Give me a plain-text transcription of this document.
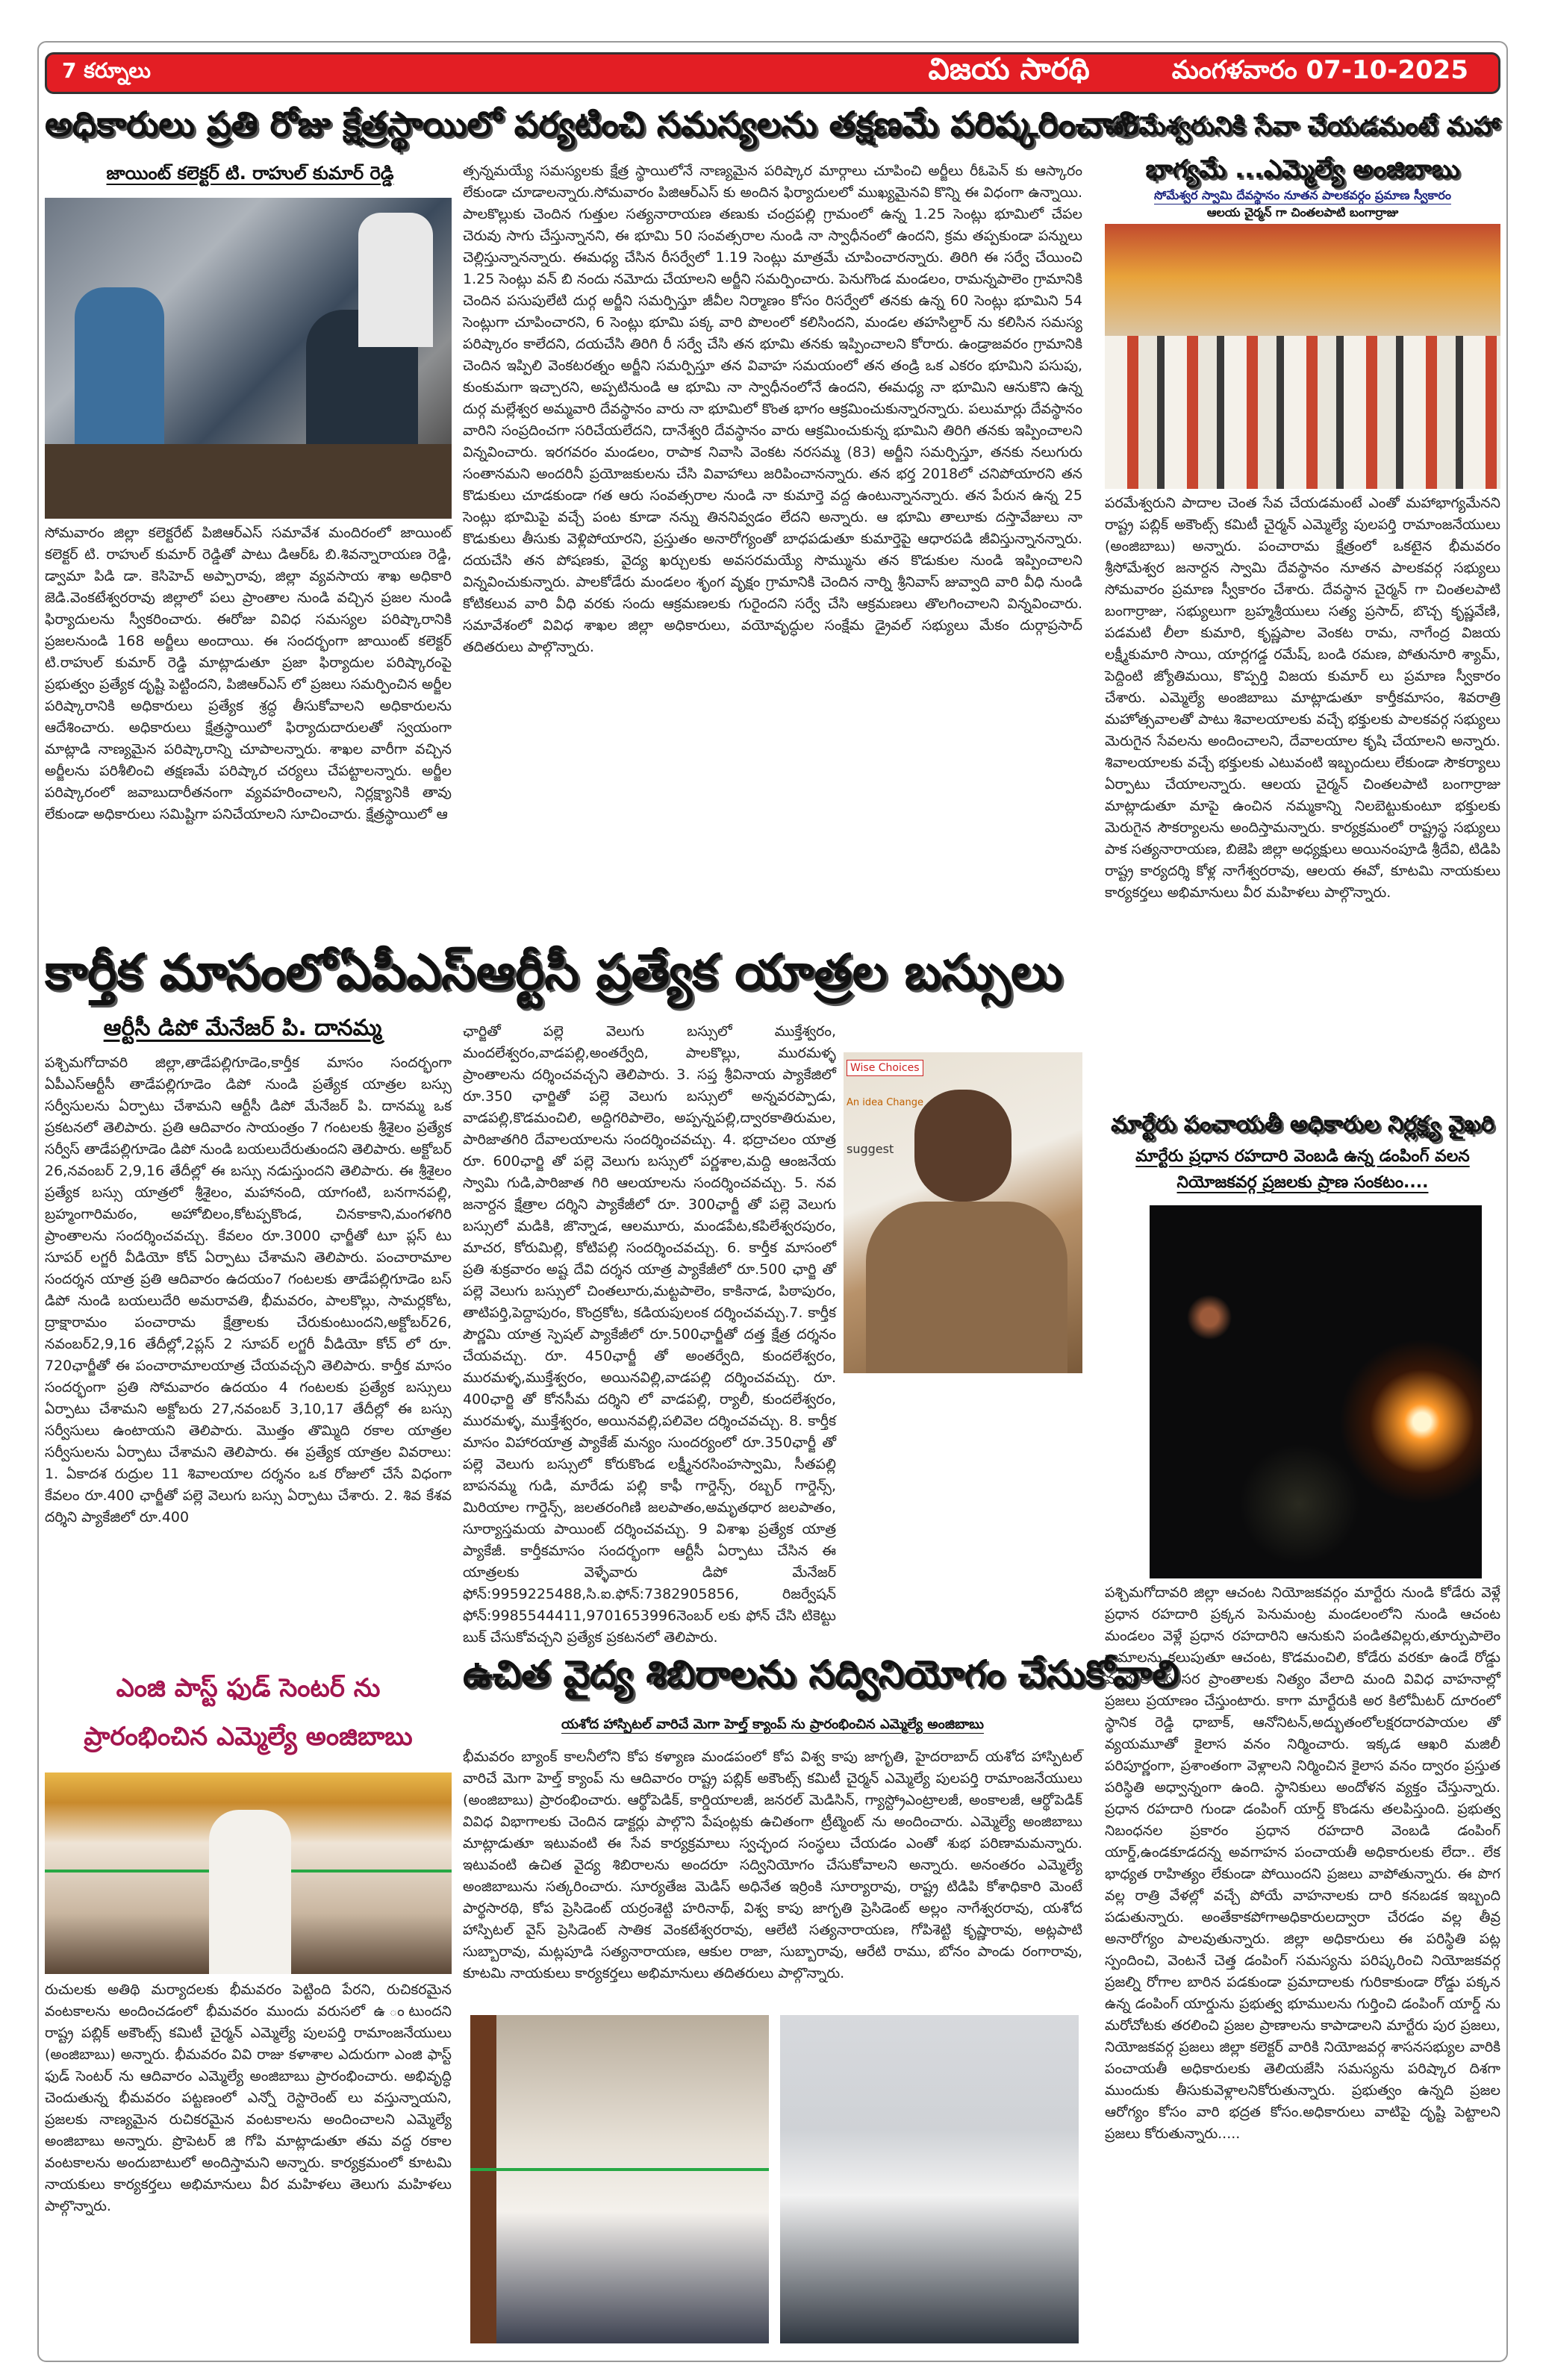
7 కర్నూలు	విజయ సారథి	మంగళవారం 07-10-2025
అధికారులు ప్రతి రోజు క్షేత్రస్థాయిలో పర్యటించి సమస్యలను తక్షణమే పరిష్కరించాలి
జాయింట్ కలెక్టర్ టి. రాహుల్ కుమార్ రెడ్డి
సోమవారం జిల్లా కలెక్టరేట్ పిజిఆర్ఎస్ సమావేశ మందిరంలో జాయింట్ కలెక్టర్ టి. రాహుల్ కుమార్ రెడ్డితో పాటు డిఆర్ఓ బి.శివన్నారాయణ రెడ్డి, డ్వామా పిడి డా. కెసిహెచ్ అప్పారావు, జిల్లా వ్యవసాయ శాఖ అధికారి జెడి.వెంకటేశ్వరరావు జిల్లాలో పలు ప్రాంతాల నుండి వచ్చిన ప్రజల నుండి ఫిర్యాదులను స్వీకరించారు. ఈరోజు వివిధ సమస్యల పరిష్కారానికి ప్రజలనుండి 168 అర్జీలు అందాయి. ఈ సందర్భంగా జాయింట్ కలెక్టర్ టి.రాహుల్ కుమార్ రెడ్డి మాట్లాడుతూ ప్రజా ఫిర్యాదుల పరిష్కారంపై ప్రభుత్వం ప్రత్యేక దృష్టి పెట్టిందని, పిజిఆర్ఎస్ లో ప్రజలు సమర్పించిన అర్జీల పరిష్కారానికి అధికారులు ప్రత్యేక శ్రద్ధ తీసుకోవాలని అధికారులను ఆదేశించారు. అధికారులు క్షేత్రస్థాయిలో ఫిర్యాదుదారులతో స్వయంగా మాట్లాడి నాణ్యమైన పరిష్కారాన్ని చూపాలన్నారు. శాఖల వారీగా వచ్చిన అర్జీలను పరిశీలించి తక్షణమే పరిష్కార చర్యలు చేపట్టాలన్నారు. అర్జీల పరిష్కారంలో జవాబుదారీతనంగా వ్యవహరించాలని, నిర్లక్ష్యానికి తావు లేకుండా అధికారులు సమిష్టిగా పనిచేయాలని సూచించారు. క్షేత్రస్థాయిలో ఆ
త్సన్నమయ్యే సమస్యలకు క్షేత్ర స్థాయిలోనే నాణ్యమైన పరిష్కార మార్గాలు చూపించి అర్జీలు రీఓపెన్ కు ఆస్కారం లేకుండా చూడాలన్నారు.సోమవారం పిజిఆర్ఎస్ కు అందిన ఫిర్యాదులలో ముఖ్యమైనవి కొన్ని ఈ విధంగా ఉన్నాయి. పాలకొల్లుకు చెందిన గుత్తుల సత్యనారాయణ తణుకు చంద్రపల్లి గ్రామంలో ఉన్న 1.25 సెంట్లు భూమిలో చేపల చెరువు సాగు చేస్తున్నానని, ఈ భూమి 50 సంవత్సరాల నుండి నా స్వాధీనంలో ఉందని, క్రమ తప్పకుండా పన్నులు చెల్లిస్తున్నానన్నారు. ఈమధ్య చేసిన రీసర్వేలో 1.19 సెంట్లు మాత్రమే చూపించారన్నారు. తిరిగి ఈ సర్వే చేయించి 1.25 సెంట్లు వన్ బి నందు నమోదు చేయాలని అర్జీని సమర్పించారు. పెనుగొండ మండలం, రామన్నపాలెం గ్రామానికి చెందిన పసుపులేటి దుర్గ అర్జీని సమర్పిస్తూ జీవీల నిర్మాణం కోసం రిసర్వేలో తనకు ఉన్న 60 సెంట్లు భూమిని 54 సెంట్లుగా చూపించారని, 6 సెంట్లు భూమి పక్క వారి పొలంలో కలిసిందని, మండల తహసిల్దార్ ను కలిసిన సమస్య పరిష్కారం కాలేదని, దయచేసి తిరిగి రీ సర్వే చేసి తన భూమి తనకు ఇప్పించాలని కోరారు. ఉండ్రాజవరం గ్రామానికి చెందిన ఇప్పిలి వెంకటరత్నం అర్జీని సమర్పిస్తూ తన వివాహ సమయంలో తన తండ్రి ఒక ఎకరం భూమిని పసుపు, కుంకుమగా ఇచ్చారని, అప్పటినుండి ఆ భూమి నా స్వాధీనంలోనే ఉందని, ఈమధ్య నా భూమిని ఆనుకొని ఉన్న దుర్గ మల్లేశ్వర అమ్మవారి దేవస్థానం వారు నా భూమిలో కొంత భాగం ఆక్రమించుకున్నారన్నారు. పలుమార్లు దేవస్థానం వారిని సంప్రదించగా సరిచేయలేదని, దానేశ్వరి దేవస్థానం వారు ఆక్రమించుకున్న భూమిని తిరిగి తనకు ఇప్పించాలని విన్నవించారు. ఇరగవరం మండలం, రాపాక నివాసి వెంకట నరసమ్మ (83) అర్జీని సమర్పిస్తూ, తనకు నలుగురు సంతానమని అందరినీ ప్రయోజకులను చేసి వివాహాలు జరిపించానన్నారు. తన భర్త 2018లో చనిపోయారని తన కొడుకులు చూడకుండా గత ఆరు సంవత్సరాల నుండి నా కుమార్తె వద్ద ఉంటున్నానన్నారు. తన పేరున ఉన్న 25 సెంట్లు భూమిపై వచ్చే పంట కూడా నన్ను తిననివ్వడం లేదని అన్నారు. ఆ భూమి తాలూకు దస్తావేజులు నా కొడుకులు తీసుకు వెళ్లిపోయారని, ప్రస్తుతం అనారోగ్యంతో బాధపడుతూ కుమార్తెపై ఆధారపడి జీవిస్తున్నానన్నారు. దయచేసి తన పోషణకు, వైద్య ఖర్చులకు అవసరమయ్యే సొమ్మును తన కొడుకుల నుండి ఇప్పించాలని విన్నవించుకున్నారు. పాలకోడేరు మండలం శృంగ వృక్షం గ్రామానికి చెందిన నార్ని శ్రీనివాస్ జువ్వాది వారి వీధి నుండి కోటికలువ వారి వీధి వరకు సందు ఆక్రమణలకు గురైందని సర్వే చేసి ఆక్రమణలు తొలగించాలని విన్నవించారు. సమావేశంలో వివిధ శాఖల జిల్లా అధికారులు, వయోవృద్ధుల సంక్షేమ డ్రైవల్ సభ్యులు మేకం దుర్గాప్రసాద్ తదితరులు పాల్గొన్నారు.
పరమేశ్వరునికి సేవా చేయడమంటే మహా భాగ్యమే ...ఎమ్మెల్యే అంజిబాబు
సోమేశ్వర స్వామి దేవస్థానం నూతన పాలకవర్గం ప్రమాణ స్వీకారం
ఆలయ చైర్మన్ గా చింతలపాటి బంగార్రాజు
పరమేశ్వరుని పాదాల చెంత సేవ చేయడమంటే ఎంతో మహాభాగ్యమేనని రాష్ట్ర పబ్లిక్ అకౌంట్స్ కమిటీ చైర్మన్ ఎమ్మెల్యే పులపర్తి రామాంజనేయులు (అంజిబాబు) అన్నారు. పంచారామ క్షేత్రంలో ఒకటైన భీమవరం శ్రీసోమేశ్వర జనార్దన స్వామి దేవస్థానం నూతన పాలకవర్గ సభ్యులు సోమవారం ప్రమాణ స్వీకారం చేశారు. దేవస్థాన చైర్మన్ గా చింతలపాటి బంగార్రాజు, సభ్యులుగా బ్రహ్మశ్రీయులు సత్య ప్రసాద్, బొచ్చ కృష్ణవేణి, పడమటి లీలా కుమారి, కృష్ణపాల వెంకట రామ, నాగేంద్ర విజయ లక్ష్మీకుమారి సాయి, యార్లగడ్డ రమేష్, బండి రమణ, పోతునూరి శ్యామ్, పెద్దింటి జ్యోతిమయి, కొప్పర్తి విజయ కుమార్ లు ప్రమాణ స్వీకారం చేశారు. ఎమ్మెల్యే అంజిబాబు మాట్లాడుతూ కార్తీకమాసం, శివరాత్రి మహోత్సవాలతో పాటు శివాలయాలకు వచ్చే భక్తులకు పాలకవర్గ సభ్యులు మెరుగైన సేవలను అందించాలని, దేవాలయాల కృషి చేయాలని అన్నారు. శివాలయాలకు వచ్చే భక్తులకు ఎటువంటి ఇబ్బందులు లేకుండా సౌకర్యాలు ఏర్పాటు చేయాలన్నారు. ఆలయ చైర్మన్ చింతలపాటి బంగార్రాజు మాట్లాడుతూ మాపై ఉంచిన నమ్మకాన్ని నిలబెట్టుకుంటూ భక్తులకు మెరుగైన సౌకర్యాలను అందిస్తామన్నారు. కార్యక్రమంలో రాష్ట్రస్థ సభ్యులు పాక సత్యనారాయణ, బిజెపి జిల్లా అధ్యక్షులు అయినంపూడి శ్రీదేవి, టిడిపి రాష్ట్ర కార్యదర్శి కోళ్ల నాగేశ్వరరావు, ఆలయ ఈవో, కూటమి నాయకులు కార్యకర్తలు అభిమానులు వీర మహిళలు పాల్గొన్నారు.
కార్తీక మాసంలోఏపీఎస్ఆర్టీసీ ప్రత్యేక యాత్రల బస్సులు
ఆర్టీసీ డిపో మేనేజర్ పి. దానమ్మ
పశ్చిమగోదావరి జిల్లా,తాడేపల్లిగూడెం,కార్తీక మాసం సందర్భంగా ఏపీఎస్ఆర్టీసీ తాడేపల్లిగూడెం డిపో నుండి ప్రత్యేక యాత్రల బస్సు సర్వీసులను ఏర్పాటు చేశామని ఆర్టీసీ డిపో మేనేజర్ పి. దానమ్మ ఒక ప్రకటనలో తెలిపారు. ప్రతి ఆదివారం సాయంత్రం 7 గంటలకు శ్రీశైలం ప్రత్యేక సర్వీస్ తాడేపల్లిగూడెం డిపో నుండి బయలుదేరుతుందని తెలిపారు. అక్టోబర్ 26,నవంబర్ 2,9,16 తేదీల్లో ఈ బస్సు నడుస్తుందని తెలిపారు. ఈ శ్రీశైలం ప్రత్యేక బస్సు యాత్రలో శ్రీశైలం, మహానంది, యాగంటి, బనగానపల్లి, బ్రహ్మంగారిమఠం, అహోబిలం,కోటప్పకొండ, చినకాకాని,మంగళగిరి ప్రాంతాలను సందర్శించవచ్చు. కేవలం రూ.3000 ఛార్జీతో టూ ప్లస్ టు సూపర్ లగ్జరీ వీడియో కోచ్ ఏర్పాటు చేశామని తెలిపారు. పంచారామాల సందర్శన యాత్ర ప్రతి ఆదివారం ఉదయం7 గంటలకు తాడేపల్లిగూడెం బస్ డిపో నుండి బయలుదేరి అమరావతి, భీమవరం, పాలకొల్లు, సామర్లకోట, ద్రాక్షారామం పంచారామ క్షేత్రాలకు చేరుకుంటుందని,అక్టోబర్26, నవంబర్2,9,16 తేదీల్లో,2ప్లస్ 2 సూపర్ లగ్జరీ వీడియో కోచ్ లో రూ. 720ఛార్జీతో ఈ పంచారామాలయాత్ర చేయవచ్చని తెలిపారు. కార్తీక మాసం సందర్భంగా ప్రతి సోమవారం ఉదయం 4 గంటలకు ప్రత్యేక బస్సులు ఏర్పాటు చేశామని అక్టోబరు 27,నవంబర్ 3,10,17 తేదీల్లో ఈ బస్సు సర్వీసులు ఉంటాయని తెలిపారు. మొత్తం తొమ్మిది రకాల యాత్రల సర్వీసులను ఏర్పాటు చేశామని తెలిపారు. ఈ ప్రత్యేక యాత్రల వివరాలు: 1. ఏకాదశ రుద్రుల 11 శివాలయాల దర్శనం ఒక రోజులో చేసే విధంగా కేవలం రూ.400 ఛార్జీతో పల్లె వెలుగు బస్సు ఏర్పాటు చేశారు. 2. శివ కేశవ దర్శిని ప్యాకేజిలో రూ.400
Wise Choices
An idea Change
suggest
ఛార్జితో పల్లె వెలుగు బస్సులో ముక్తేశ్వరం, మందలేశ్వరం,వాడపల్లి,అంతర్వేది, పాలకొల్లు, మురమళ్ళ ప్రాంతాలను దర్శించవచ్చని తెలిపారు. 3. సప్త శ్రీవినాయ ప్యాకేజిలో రూ.350 ఛార్జితో పల్లె వెలుగు బస్సులో అన్నవరప్పాడు, వాడపల్లి,కొడమంచిలి, అద్దిగరిపాలెం, అప్పన్నపల్లి,ద్వారకాతిరుమల, పారిజాతగిరి దేవాలయాలను సందర్శించవచ్చు. 4. భద్రాచలం యాత్ర రూ. 600ఛార్జి తో పల్లె వెలుగు బస్సులో పర్ణశాల,మద్ది ఆంజనేయ స్వామి గుడి,పారిజాత గిరి ఆలయాలను సందర్శించవచ్చు. 5. నవ జనార్దన క్షేత్రాల దర్శిని ప్యాకేజీలో రూ. 300ఛార్జీ తో పల్లె వెలుగు బస్సులో మడికి, జొన్నాడ, ఆలమూరు, మండపేట,కపిలేశ్వరపురం, మాచర, కోరుమిల్లి, కోటిపల్లి సందర్శించవచ్చు. 6. కార్తీక మాసంలో ప్రతి శుక్రవారం అష్ట దేవి దర్శన యాత్ర ప్యాకేజీలో రూ.500 ఛార్జి తో పల్లె వెలుగు బస్సులో చింతలూరు,మట్టపాలెం, కాకినాడ, పిఠాపురం, తాటిపర్తి,పెద్దాపురం, కొంద్రకోట, కడియపులంక దర్శించవచ్చు.7. కార్తీక పౌర్ణమి యాత్ర స్పెషల్ ప్యాకేజీలో రూ.500ఛార్జీతో దత్త క్షేత్ర దర్శనం చేయవచ్చు. రూ. 450ఛార్జీ తో అంతర్వేది, కుందలేశ్వరం, మురమళ్ళ,ముక్తేశ్వరం, అయినవిల్లి,వాడపల్లి దర్శించవచ్చు. రూ. 400ఛార్జి తో కోనసీమ దర్శిని లో వాడపల్లి, ర్యాలీ, కుందలేశ్వరం, మురమళ్ళ, ముక్తేశ్వరం, అయినవల్లి,పలివెల దర్శించవచ్చు. 8. కార్తీక మాసం విహారయాత్ర ప్యాకేజ్ మన్యం సుందర్యంలో రూ.350ఛార్జీ తో పల్లె వెలుగు బస్సులో కోరుకొండ లక్ష్మీనరసింహస్వామి, సీతపల్లి బాపనమ్మ గుడి, మారేడు పల్లి కాఫీ గార్డెన్స్, రబ్బర్ గార్డెన్స్, మిరియాల గార్డెన్స్, జలతరంగిణి జలపాతం,అమృతధార జలపాతం, సూర్యాస్తమయ పాయింట్ దర్శించవచ్చు. 9 విశాఖ ప్రత్యేక యాత్ర ప్యాకేజీ. కార్తీకమాసం సందర్భంగా ఆర్టీసీ ఏర్పాటు చేసిన ఈ యాత్రలకు వెళ్ళేవారు డిపో మేనేజర్ ఫోన్:9959225488,సి.ఐ.ఫోన్:7382905856, రిజర్వేషన్ ఫోన్:9985544411,9701653996నెంబర్ లకు ఫోన్ చేసి టికెట్టు బుక్ చేసుకోవచ్చని ప్రత్యేక ప్రకటనలో తెలిపారు.
మార్టేరు పంచాయతీ అధికారుల నిర్లక్ష్య వైఖరి
మార్టేరు ప్రధాన రహదారి వెంబడి ఉన్న డంపింగ్ వలన
నియోజకవర్గ ప్రజలకు ప్రాణ సంకటం....
పశ్చిమగోదావరి జిల్లా ఆచంట నియోజకవర్గం మార్టేరు నుండి కోడేరు వెళ్లే ప్రధాన రహదారి ప్రక్కన పెనుమంట్ర మండలంలోని నుండి ఆచంట మండలం వెళ్లే ప్రధాన రహదారిని ఆనుకుని పండితవిల్లరు,తూర్పుపాలెం గ్రామాలను కలుపుతూ ఆచంట, కొడమంచిలి, కోడేరు వరకూ ఉండే రోడ్డు మార్గంలో సరిసర ప్రాంతాలకు నిత్యం వేలాది మంది వివిధ వాహనాల్లో ప్రజలు ప్రయాణం చేస్తుంటారు. కాగా మార్టేరుకి అర కిలోమీటర్ దూరంలో స్థానిక రెడ్డి ధాబాక్, ఆనోనిటన్,అద్భుతంలోలక్షరదారపాయల తో వ్యయమూతో కైలాస వనం నిర్మించారు. ఇక్కడ ఆఖరి మజిలీ పరిపూర్ణంగా, ప్రశాంతంగా వెళ్లాలని నిర్మించిన కైలాస వనం ద్వారం ప్రస్తుత పరిస్థితి అధ్వాన్నంగా ఉంది. స్థానికులు అందోళన వ్యక్తం చేస్తున్నారు. ప్రధాన రహదారి గుండా డంపింగ్ యార్డ్ కొండను తలపిస్తుంది. ప్రభుత్వ నిబంధనల ప్రకారం ప్రధాన రహదారి వెంబడి డంపింగ్ యార్డ్,ఉండకూడదన్న అవగాహన పంచాయతీ అధికారులకు లేదా.. లేక భాధ్యత రాహిత్యం లేకుండా పోయిందని ప్రజలు వాపోతున్నారు. ఈ పొగ వల్ల రాత్రి వేళల్లో వచ్చే పోయే వాహనాలకు దారి కనబడక ఇబ్బంది పడుతున్నారు. అంతేకాకపోగాఅధికారులద్వారా చేరడం వల్ల తీవ్ర అనారోగ్యం పాలవుతున్నారు. జిల్లా అధికారులు ఈ పరిస్థితి పట్ల స్పందించి, వెంటనే చెత్త డంపింగ్ సమస్యను పరిష్కరించి నియోజకవర్గ ప్రజల్ని రోగాల బారిన పడకుండా ప్రమాదాలకు గురికాకుండా రోడ్డు పక్కన ఉన్న డంపింగ్ యార్డును ప్రభుత్వ భూములను గుర్తించి డంపింగ్ యార్డ్ ను మరోచోటకు తరలించి ప్రజల ప్రాణాలను కాపాడాలని మార్టేరు పుర ప్రజలు, నియోజకవర్గ ప్రజలు జిల్లా కలెక్టర్ వారికి నియోజవర్గ శాసనసభ్యుల వారికి పంచాయతీ అధికారులకు తెలియజేసి సమస్యను పరిష్కార దిశగా ముందుకు తీసుకువెళ్లాలనికోరుతున్నారు. ప్రభుత్వం ఉన్నది ప్రజల ఆరోగ్యం కోసం వారి భద్రత కోసం.అధికారులు వాటిపై దృష్టి పెట్టాలని ప్రజలు కోరుతున్నారు.....
ఎంజి పాస్ట్ ఫుడ్ సెంటర్ ను
ప్రారంభించిన ఎమ్మెల్యే అంజిబాబు
రుచులకు అతిథి మర్యాదలకు భీమవరం పెట్టింది పేరని, రుచికరమైన వంటకాలను అందించడంలో భీమవరం ముందు వరుసలో ఉ ంటుందని రాష్ట్ర పబ్లిక్ అకౌంట్స్ కమిటీ చైర్మన్ ఎమ్మెల్యే పులపర్తి రామాంజనేయులు (అంజిబాబు) అన్నారు. భీమవరం వివి రాజు కళాశాల ఎదురుగా ఎంజి ఫాస్ట్ ఫుడ్ సెంటర్ ను ఆదివారం ఎమ్మెల్యే అంజిబాబు ప్రారంభించారు. అభివృద్ధి చెందుతున్న భీమవరం పట్టణంలో ఎన్నో రెస్టారెంట్ లు వస్తున్నాయని, ప్రజలకు నాణ్యమైన రుచికరమైన వంటకాలను అందించాలని ఎమ్మెల్యే అంజిబాబు అన్నారు. ప్రొపెటర్ జి గోపి మాట్లాడుతూ తమ వద్ద రకాల వంటకాలను అందుబాటులో అందిస్తామని అన్నారు. కార్యక్రమంలో కూటమి నాయకులు కార్యకర్తలు అభిమానులు వీర మహిళలు తెలుగు మహిళలు పాల్గొన్నారు.
ఉచిత వైద్య శిబిరాలను సద్వినియోగం చేసుకోవాలి
యశోద హాస్పిటల్ వారిచే మెగా హెల్త్ క్యాంప్ ను ప్రారంభించిన ఎమ్మెల్యే అంజిబాబు
భీమవరం బ్యాంక్ కాలనీలోని కోప కళ్యాణ మండపంలో కోప విశ్వ కాపు జాగృతి, హైదరాబాద్ యశోద హాస్పిటల్ వారిచే మెగా హెల్త్ క్యాంప్ ను ఆదివారం రాష్ట్ర పబ్లిక్ అకౌంట్స్ కమిటీ చైర్మన్ ఎమ్మెల్యే పులపర్తి రామాంజనేయులు (అంజిబాబు) ప్రారంభించారు. ఆర్థోపెడిక్, కార్డియాలజీ, జనరల్ మెడిసిన్, గ్యాస్ట్రోఎంట్రాలజీ, అంకాలజీ, ఆర్థోపెడిక్ వివిధ విభాగాలకు చెందిన డాక్టర్లు పాల్గొని పేషంట్లకు ఉచితంగా ట్రీట్మెంట్ ను అందించారు. ఎమ్మెల్యే అంజిబాబు మాట్లాడుతూ ఇటువంటి ఈ సేవ కార్యక్రమాలు స్వచ్ఛంద సంస్థలు చేయడం ఎంతో శుభ పరిణామమన్నారు. ఇటువంటి ఉచిత వైద్య శిబిరాలను అందరూ సద్వినియోగం చేసుకోవాలని అన్నారు. అనంతరం ఎమ్మెల్యే అంజిబాబును సత్కరించారు. సూర్యతేజ మెడిస్ అధినేత ఇర్రింకి సూర్యారావు, రాష్ట్ర టిడిపి కోశాధికారి మెంటే పార్థసారథి, కోప ప్రెసిడెంట్ యర్రంశెట్టి హరినాథ్, విశ్వ కాపు జాగృతి ప్రెసిడెంట్ అల్లం నాగేశ్వరరావు, యశోద హాస్పిటల్ వైస్ ప్రెసిడెంట్ సాతిక వెంకటేశ్వరరావు, ఆలేటి సత్యనారాయణ, గోపిశెట్టి కృష్ణారావు, అట్లపాటి సుబ్బారావు, మట్లపూడి సత్యనారాయణ, ఆకుల రాజా, సుబ్బారావు, ఆరేటి రాము, బోనం పాండు రంగారావు, కూటమి నాయకులు కార్యకర్తలు అభిమానులు తదితరులు పాల్గొన్నారు.
